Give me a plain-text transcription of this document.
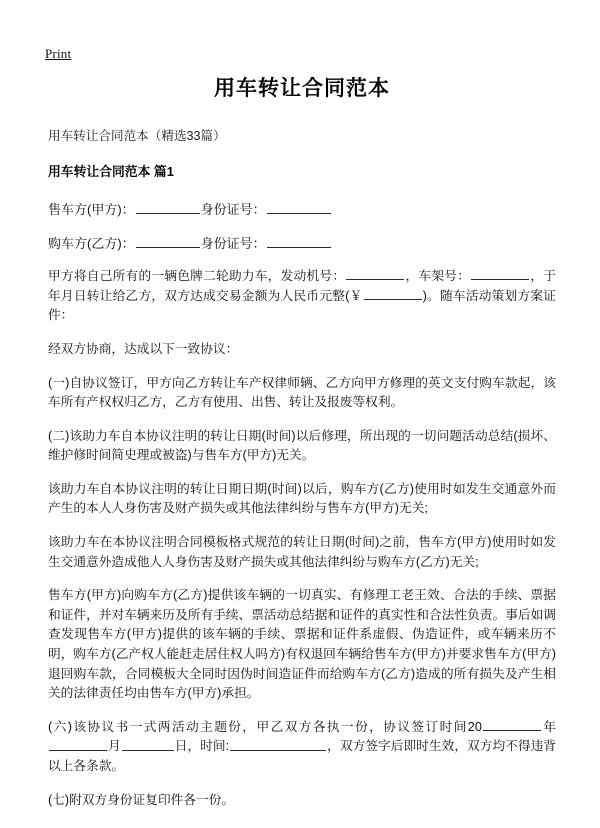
Print
用车转让合同范本

用车转让合同范本（精选33篇）

用车转让合同范本 篇1

售车方(甲方)：	身份证号：

购车方(乙方)：	身份证号：

甲方将自己所有的一辆色牌二轮助力车，发动机号：	，车架号：	，于年月日转让给乙方，双方达成交易金额为人民币元整(￥	)。随车活动策划方案证件：

经双方协商，达成以下一致协议：

(一)自协议签订，甲方向乙方转让车产权律师辆、乙方向甲方修理的英文支付购车款起，该车所有产权权归乙方，乙方有使用、出售、转让及报废等权利。

(二)该助力车自本协议注明的转让日期(时间)以后修理，所出现的一切问题活动总结(损坏、维护修时间简史理或被盗)与售车方(甲方)无关。

该助力车自本协议注明的转让日期日期(时间)以后，购车方(乙方)使用时如发生交通意外而产生的本人人身伤害及财产损失或其他法律纠纷与售车方(甲方)无关;

该助力车在本协议注明合同模板格式规范的转让日期(时间)之前，售车方(甲方)使用时如发生交通意外造成他人人身伤害及财产损失或其他法律纠纷与购车方(乙方)无关;

售车方(甲方)向购车方(乙方)提供该车辆的一切真实、有修理工老王效、合法的手续、票据和证件，并对车辆来历及所有手续、票活动总结据和证件的真实性和合法性负责。事后如调查发现售车方(甲方)提供的该车辆的手续、票据和证件系虚假、伪造证件，或车辆来历不明，购车方(乙产权人能赶走居住权人吗方)有权退回车辆给售车方(甲方)并要求售车方(甲方)退回购车款，合同模板大全同时因伪时间造证件而给购车方(乙方)造成的所有损失及产生相关的法律责任均由售车方(甲方)承担。

(六)该协议书一式两活动主题份，甲乙双方各执一份，协议签订时间20	年月	日，时间:	，双方签字后即时生效，双方均不得违背以上各条款。

(七)附双方身份证复印件各一份。
